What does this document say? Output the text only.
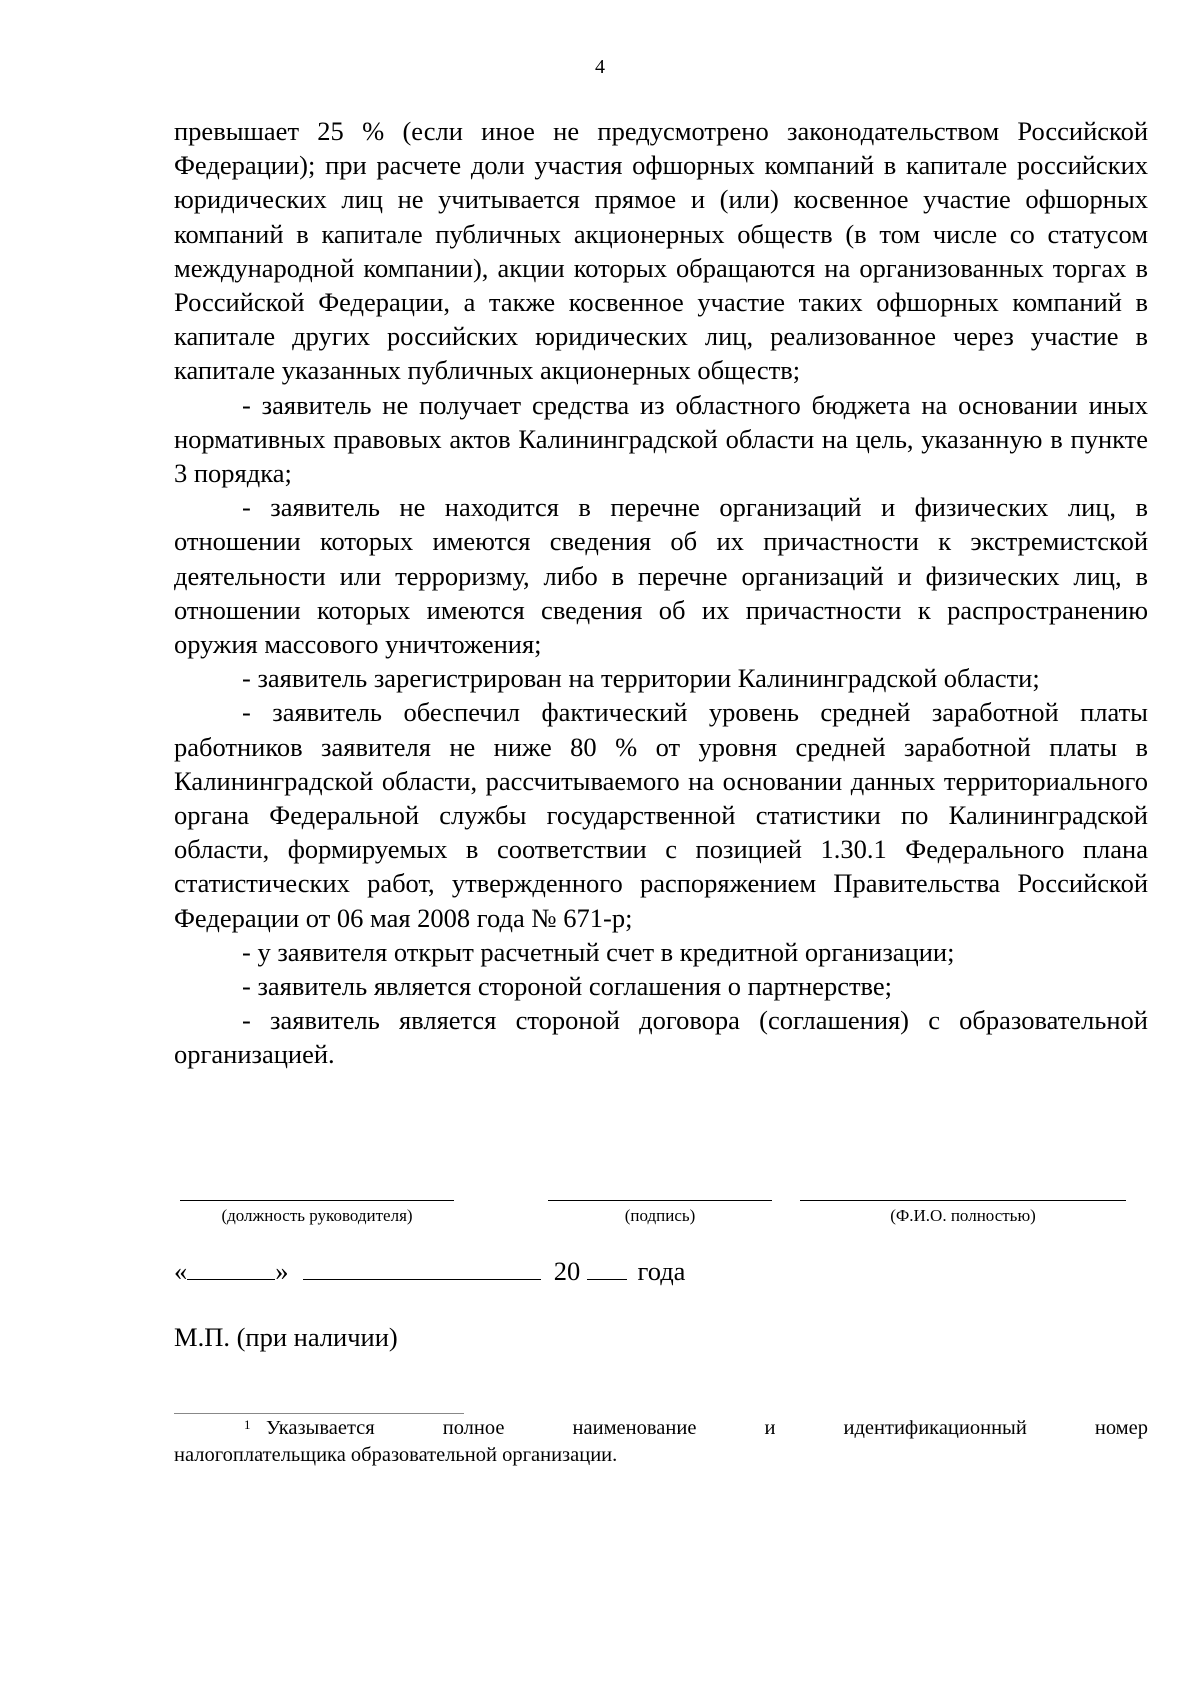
4

превышает 25 % (если иное не предусмотрено законодательством Российской Федерации); при расчете доли участия офшорных компаний в капитале российских юридических лиц не учитывается прямое и (или) косвенное участие офшорных компаний в капитале публичных акционерных обществ (в том числе со статусом международной компании), акции которых обращаются на организованных торгах в Российской Федерации, а также косвенное участие таких офшорных компаний в капитале других российских юридических лиц, реализованное через участие в капитале указанных публичных акционерных обществ;

- заявитель не получает средства из областного бюджета на основании иных нормативных правовых актов Калининградской области на цель, указанную в пункте 3 порядка;

- заявитель не находится в перечне организаций и физических лиц, в отношении которых имеются сведения об их причастности к экстремистской деятельности или терроризму, либо в перечне организаций и физических лиц, в отношении которых имеются сведения об их причастности к распространению оружия массового уничтожения;

- заявитель зарегистрирован на территории Калининградской области;

- заявитель обеспечил фактический уровень средней заработной платы работников заявителя не ниже 80 % от уровня средней заработной платы в Калининградской области, рассчитываемого на основании данных территориального органа Федеральной службы государственной статистики по Калининградской области, формируемых в соответствии с позицией 1.30.1 Федерального плана статистических работ, утвержденного распоряжением Правительства Российской Федерации от 06 мая 2008 года № 671-р;

- у заявителя открыт расчетный счет в кредитной организации;

- заявитель является стороной соглашения о партнерстве;

- заявитель является стороной договора (соглашения) с образовательной организацией.

(должность руководителя)	(подпись)	(Ф.И.О. полностью)
«	»	20 года
М.П. (при наличии)
1 Указывается	полное	наименование	и	идентификационный	номер

налогоплательщика образовательной организации.
